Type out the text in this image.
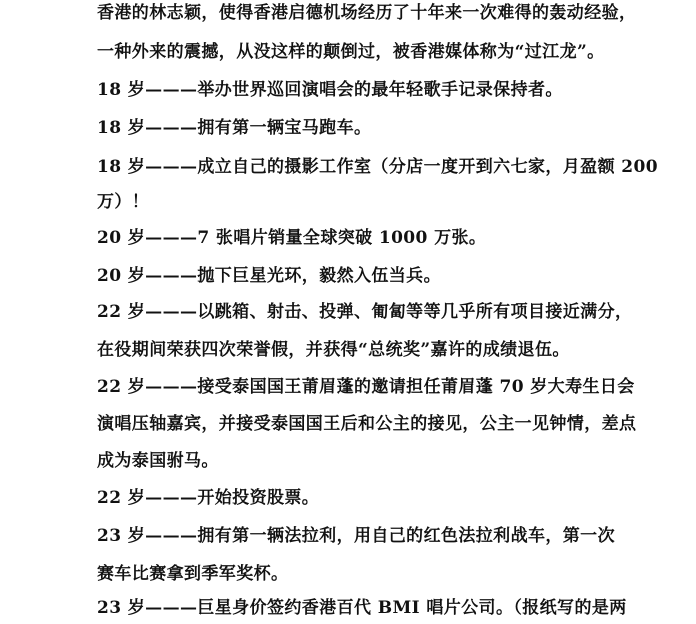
香港的林志颖，使得香港启德机场经历了十年来一次难得的轰动经验，
一种外来的震撼，从没这样的颠倒过，被香港媒体称为“过江龙”。
18 岁———举办世界巡回演唱会的最年轻歌手记录保持者。
18 岁———拥有第一辆宝马跑车。
18 岁———成立自己的摄影工作室（分店一度开到六七家，月盈额 200
万）！
20 岁———7 张唱片销量全球突破 1000 万张。
20 岁———抛下巨星光环，毅然入伍当兵。
22 岁———以跳箱、射击、投弹、匍匐等等几乎所有项目接近满分，
在役期间荣获四次荣誉假，并获得“总统奖”嘉许的成绩退伍。
22 岁———接受泰国国王莆眉蓬的邀请担任莆眉蓬 70 岁大寿生日会
演唱压轴嘉宾，并接受泰国国王后和公主的接见，公主一见钟情，差点
成为泰国驸马。
22 岁———开始投资股票。
23 岁———拥有第一辆法拉利，用自己的红色法拉利战车，第一次
赛车比赛拿到季军奖杯。
23 岁———巨星身价签约香港百代 BMI 唱片公司。（报纸写的是两
